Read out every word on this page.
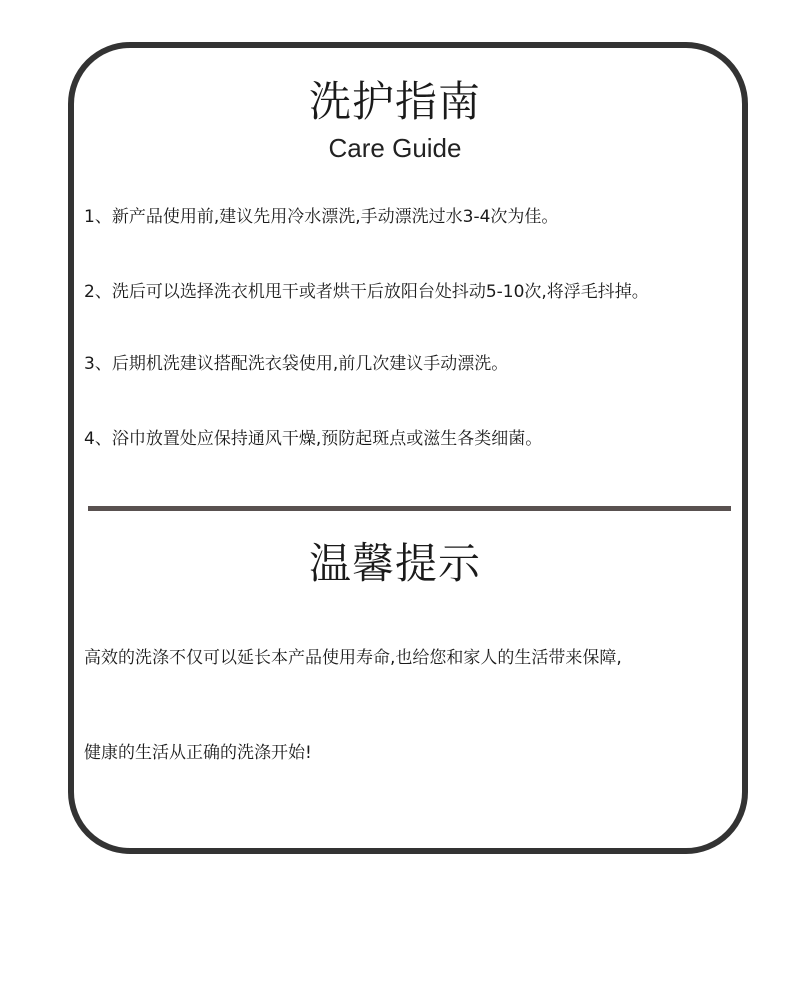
洗护指南
Care Guide

1、新产品使用前,建议先用冷水漂洗,手动漂洗过水3-4次为佳。

2、洗后可以选择洗衣机甩干或者烘干后放阳台处抖动5-10次,将浮毛抖掉。

3、后期机洗建议搭配洗衣袋使用,前几次建议手动漂洗。

4、浴巾放置处应保持通风干燥,预防起斑点或滋生各类细菌。

温馨提示

高效的洗涤不仅可以延长本产品使用寿命,也给您和家人的生活带来保障,

健康的生活从正确的洗涤开始!
